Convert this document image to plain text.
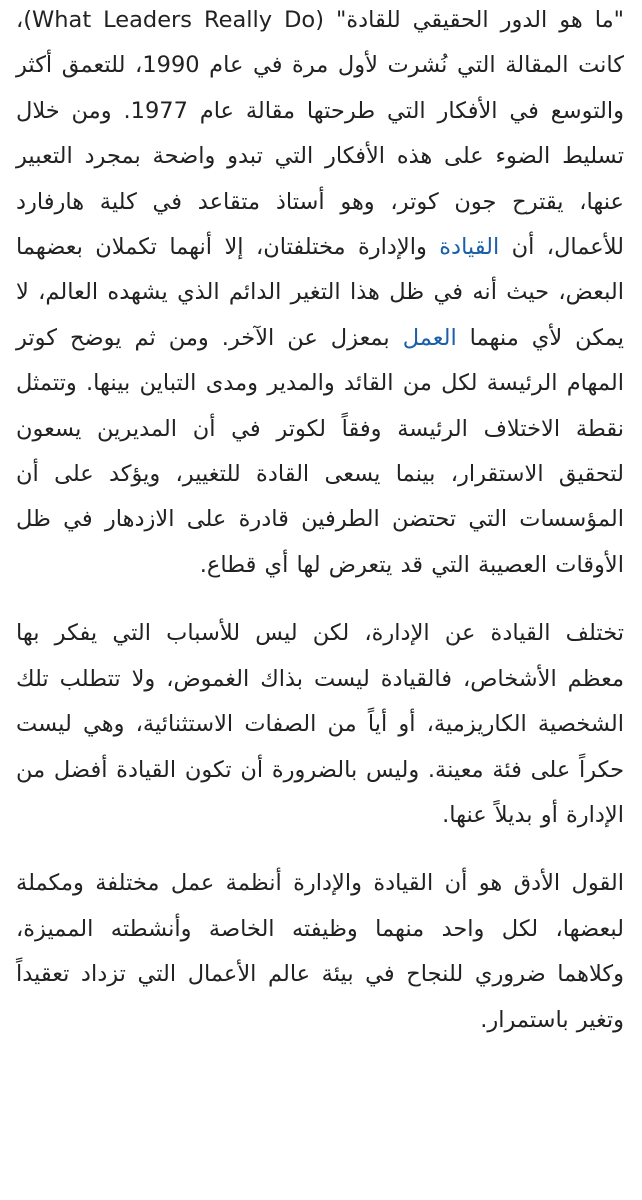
"ما هو الدور الحقيقي للقادة" (What Leaders Really Do)، كانت المقالة التي نُشرت لأول مرة في عام 1990، للتعمق أكثر والتوسع في الأفكار التي طرحتها مقالة عام 1977. ومن خلال تسليط الضوء على هذه الأفكار التي تبدو واضحة بمجرد التعبير عنها، يقترح جون كوتر، وهو أستاذ متقاعد في كلية هارفارد للأعمال، أن القيادة والإدارة مختلفتان، إلا أنهما تكملان بعضهما البعض، حيث أنه في ظل هذا التغير الدائم الذي يشهده العالم، لا يمكن لأي منهما العمل بمعزل عن الآخر. ومن ثم يوضح كوتر المهام الرئيسة لكل من القائد والمدير ومدى التباين بينها. وتتمثل نقطة الاختلاف الرئيسة وفقاً لكوتر في أن المديرين يسعون لتحقيق الاستقرار، بينما يسعى القادة للتغيير، ويؤكد على أن المؤسسات التي تحتضن الطرفين قادرة على الازدهار في ظل الأوقات العصيبة التي قد يتعرض لها أي قطاع.

تختلف القيادة عن الإدارة، لكن ليس للأسباب التي يفكر بها معظم الأشخاص، فالقيادة ليست بذاك الغموض، ولا تتطلب تلك الشخصية الكاريزمية، أو أياً من الصفات الاستثنائية، وهي ليست حكراً على فئة معينة. وليس بالضرورة أن تكون القيادة أفضل من الإدارة أو بديلاً عنها.

القول الأدق هو أن القيادة والإدارة أنظمة عمل مختلفة ومكملة لبعضها، لكل واحد منهما وظيفته الخاصة وأنشطته المميزة، وكلاهما ضروري للنجاح في بيئة عالم الأعمال التي تزداد تعقيداً وتغير باستمرار.
